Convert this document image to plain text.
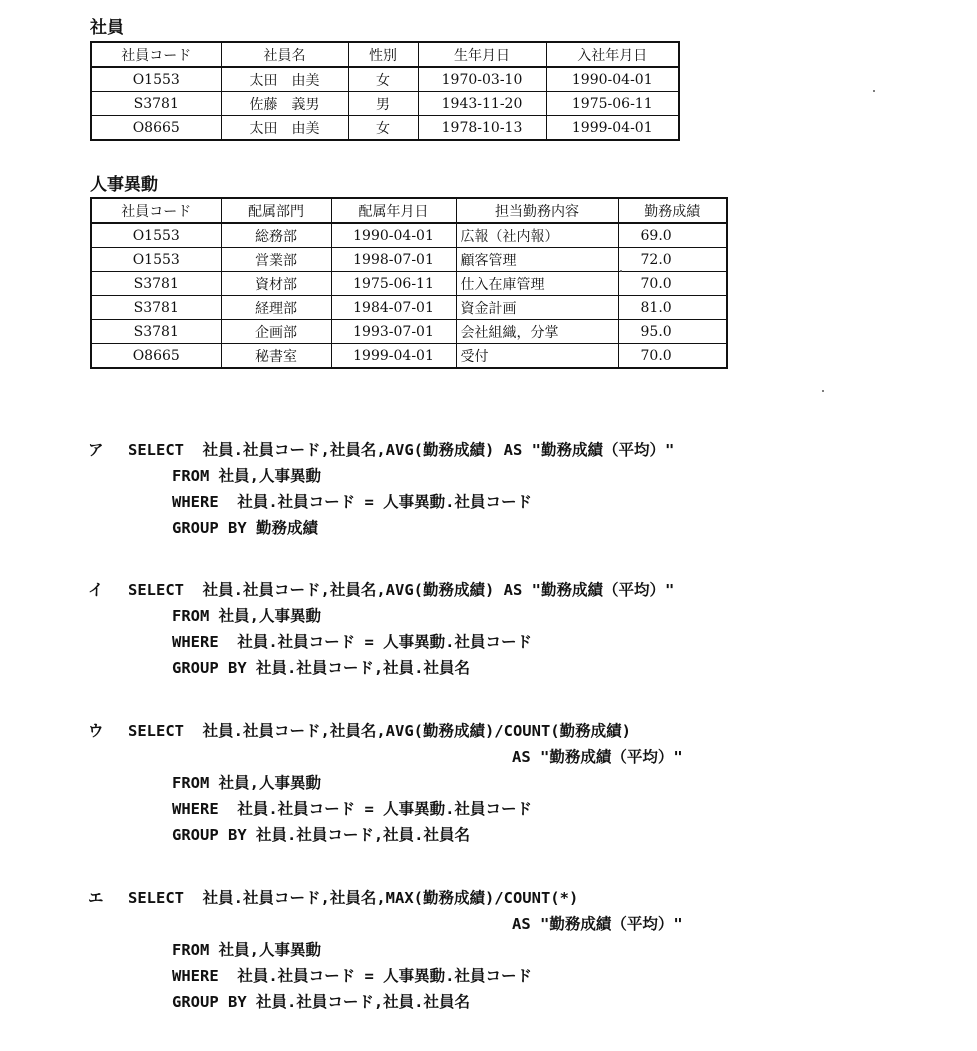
社員
社員コード	社員名	性別	生年月日	入社年月日
O1553	太田　由美	女	1970-03-10	1990-04-01
S3781	佐藤　義男	男	1943-11-20	1975-06-11
O8665	太田　由美	女	1978-10-13	1999-04-01
人事異動
社員コード	配属部門	配属年月日	担当勤務内容	勤務成績
O1553	総務部	1990-04-01	広報（社内報）	69.0
O1553	営業部	1998-07-01	顧客管理	72.0
S3781	資材部	1975-06-11	仕入在庫管理	70.0
S3781	経理部	1984-07-01	資金計画	81.0
S3781	企画部	1993-07-01	会社組織，分掌	95.0
O8665	秘書室	1999-04-01	受付	70.0
ア SELECT  社員.社員コード,社員名,AVG(勤務成績) AS "勤務成績（平均）"
FROM 社員,人事異動
WHERE  社員.社員コード = 人事異動.社員コード
GROUP BY 勤務成績
イ SELECT  社員.社員コード,社員名,AVG(勤務成績) AS "勤務成績（平均）"
FROM 社員,人事異動
WHERE  社員.社員コード = 人事異動.社員コード
GROUP BY 社員.社員コード,社員.社員名
ウ SELECT  社員.社員コード,社員名,AVG(勤務成績)/COUNT(勤務成績)
AS "勤務成績（平均）"
FROM 社員,人事異動
WHERE  社員.社員コード = 人事異動.社員コード
GROUP BY 社員.社員コード,社員.社員名
エ SELECT  社員.社員コード,社員名,MAX(勤務成績)/COUNT(*)
AS "勤務成績（平均）"
FROM 社員,人事異動
WHERE  社員.社員コード = 人事異動.社員コード
GROUP BY 社員.社員コード,社員.社員名
